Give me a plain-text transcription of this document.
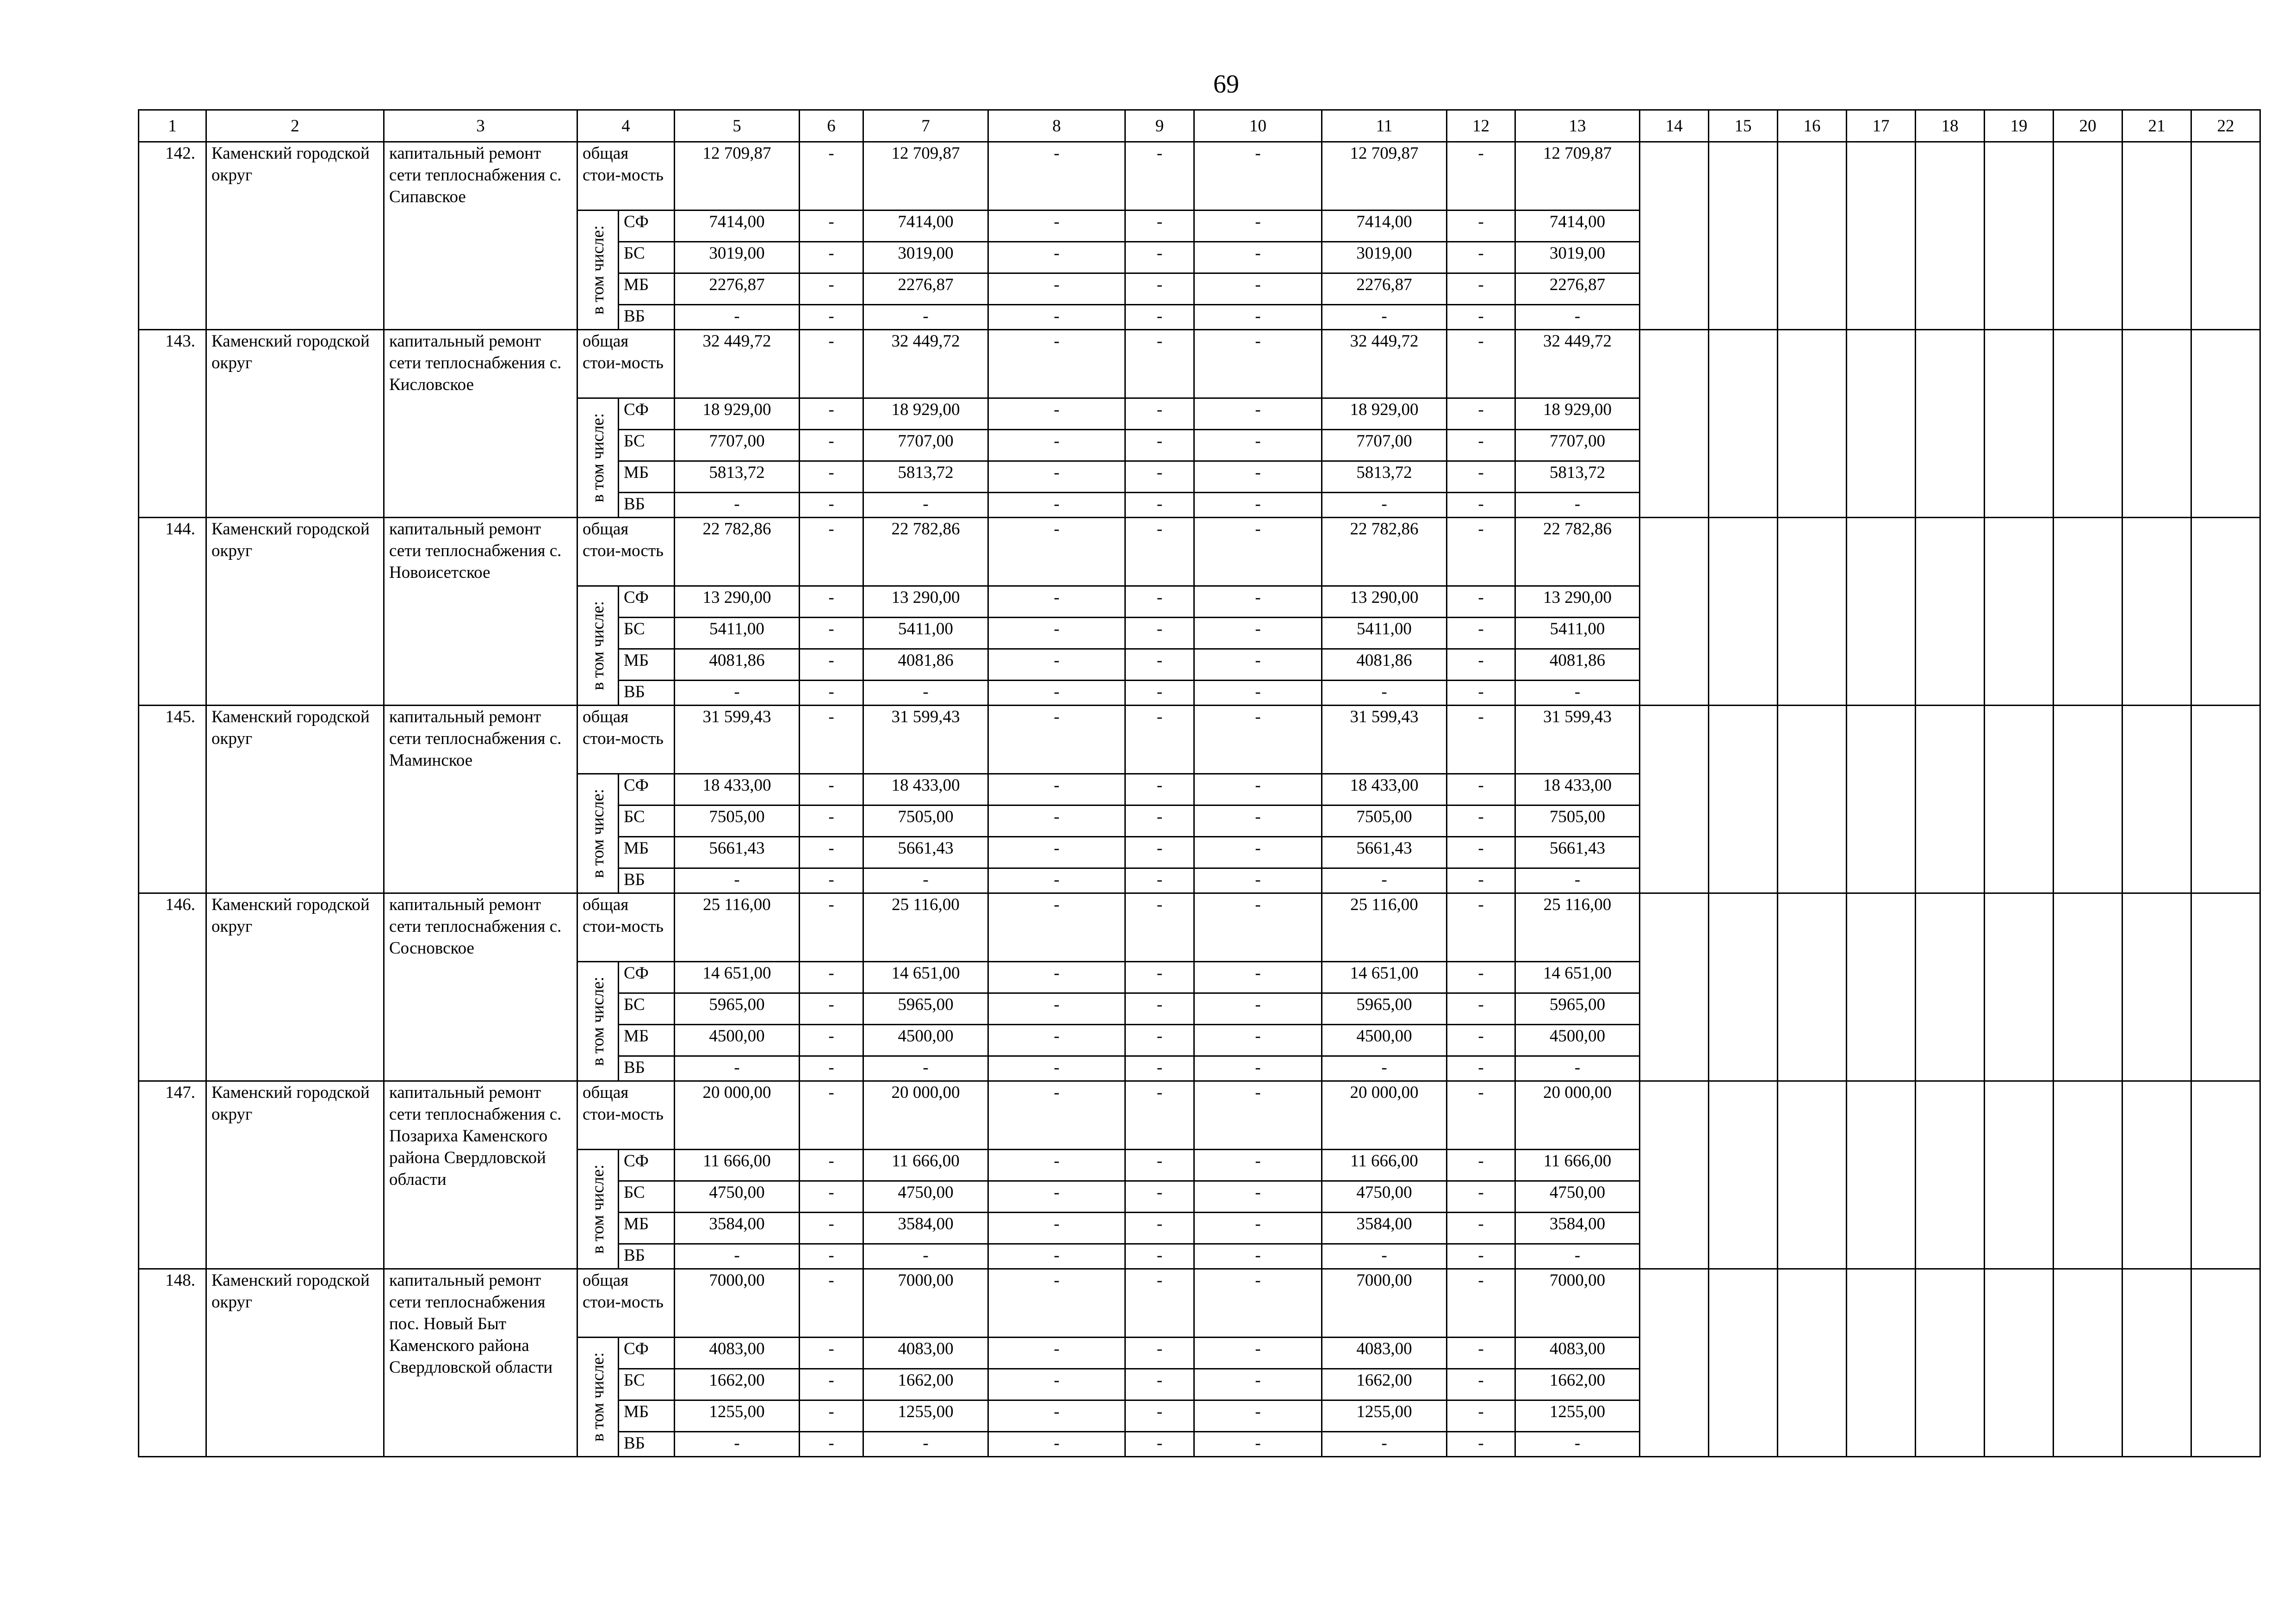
69
1	2	3	4		5	6	7	8	9	10	11	12	13	14	15	16	17	18	19	20	21	22
142.	Каменский городской округ	капитальный ремонт сети теплоснабжения с. Сипавское	общая стои-мость		12 709,87	-	12 709,87	-	-	-	12 709,87	-	12 709,87									

			в том числе:	СФ	7414,00	-	7414,00	-	-	-	7414,00	-	7414,00									
				БС	3019,00	-	3019,00	-	-	-	3019,00	-	3019,00									
				МБ	2276,87	-	2276,87	-	-	-	2276,87	-	2276,87									
				ВБ	-	-	-	-	-	-	-	-	-									
143.	Каменский городской округ	капитальный ремонт сети теплоснабжения с. Кисловское	общая стои-мость		32 449,72	-	32 449,72	-	-	-	32 449,72	-	32 449,72									

			в том числе:	СФ	18 929,00	-	18 929,00	-	-	-	18 929,00	-	18 929,00									
				БС	7707,00	-	7707,00	-	-	-	7707,00	-	7707,00									
				МБ	5813,72	-	5813,72	-	-	-	5813,72	-	5813,72									
				ВБ	-	-	-	-	-	-	-	-	-									
144.	Каменский городской округ	капитальный ремонт сети теплоснабжения с. Новоисетское	общая стои-мость		22 782,86	-	22 782,86	-	-	-	22 782,86	-	22 782,86									

			в том числе:	СФ	13 290,00	-	13 290,00	-	-	-	13 290,00	-	13 290,00									
				БС	5411,00	-	5411,00	-	-	-	5411,00	-	5411,00									
				МБ	4081,86	-	4081,86	-	-	-	4081,86	-	4081,86									
				ВБ	-	-	-	-	-	-	-	-	-									
145.	Каменский городской округ	капитальный ремонт сети теплоснабжения с. Маминское	общая стои-мость		31 599,43	-	31 599,43	-	-	-	31 599,43	-	31 599,43									

			в том числе:	СФ	18 433,00	-	18 433,00	-	-	-	18 433,00	-	18 433,00									
				БС	7505,00	-	7505,00	-	-	-	7505,00	-	7505,00									
				МБ	5661,43	-	5661,43	-	-	-	5661,43	-	5661,43									
				ВБ	-	-	-	-	-	-	-	-	-									
146.	Каменский городской округ	капитальный ремонт сети теплоснабжения с. Сосновское	общая стои-мость		25 116,00	-	25 116,00	-	-	-	25 116,00	-	25 116,00									

			в том числе:	СФ	14 651,00	-	14 651,00	-	-	-	14 651,00	-	14 651,00									
				БС	5965,00	-	5965,00	-	-	-	5965,00	-	5965,00									
				МБ	4500,00	-	4500,00	-	-	-	4500,00	-	4500,00									
				ВБ	-	-	-	-	-	-	-	-	-									
147.	Каменский городской округ	капитальный ремонт сети теплоснабжения с. Позариха Каменского района Свердловской области	общая стои-мость		20 000,00	-	20 000,00	-	-	-	20 000,00	-	20 000,00									

			в том числе:	СФ	11 666,00	-	11 666,00	-	-	-	11 666,00	-	11 666,00									
				БС	4750,00	-	4750,00	-	-	-	4750,00	-	4750,00									
				МБ	3584,00	-	3584,00	-	-	-	3584,00	-	3584,00									
				ВБ	-	-	-	-	-	-	-	-	-									
148.	Каменский городской округ	капитальный ремонт сети теплоснабжения пос. Новый Быт Каменского района Свердловской области	общая стои-мость		7000,00	-	7000,00	-	-	-	7000,00	-	7000,00									

			в том числе:	СФ	4083,00	-	4083,00	-	-	-	4083,00	-	4083,00									
				БС	1662,00	-	1662,00	-	-	-	1662,00	-	1662,00									
				МБ	1255,00	-	1255,00	-	-	-	1255,00	-	1255,00									
				ВБ	-	-	-	-	-	-	-	-	-									
